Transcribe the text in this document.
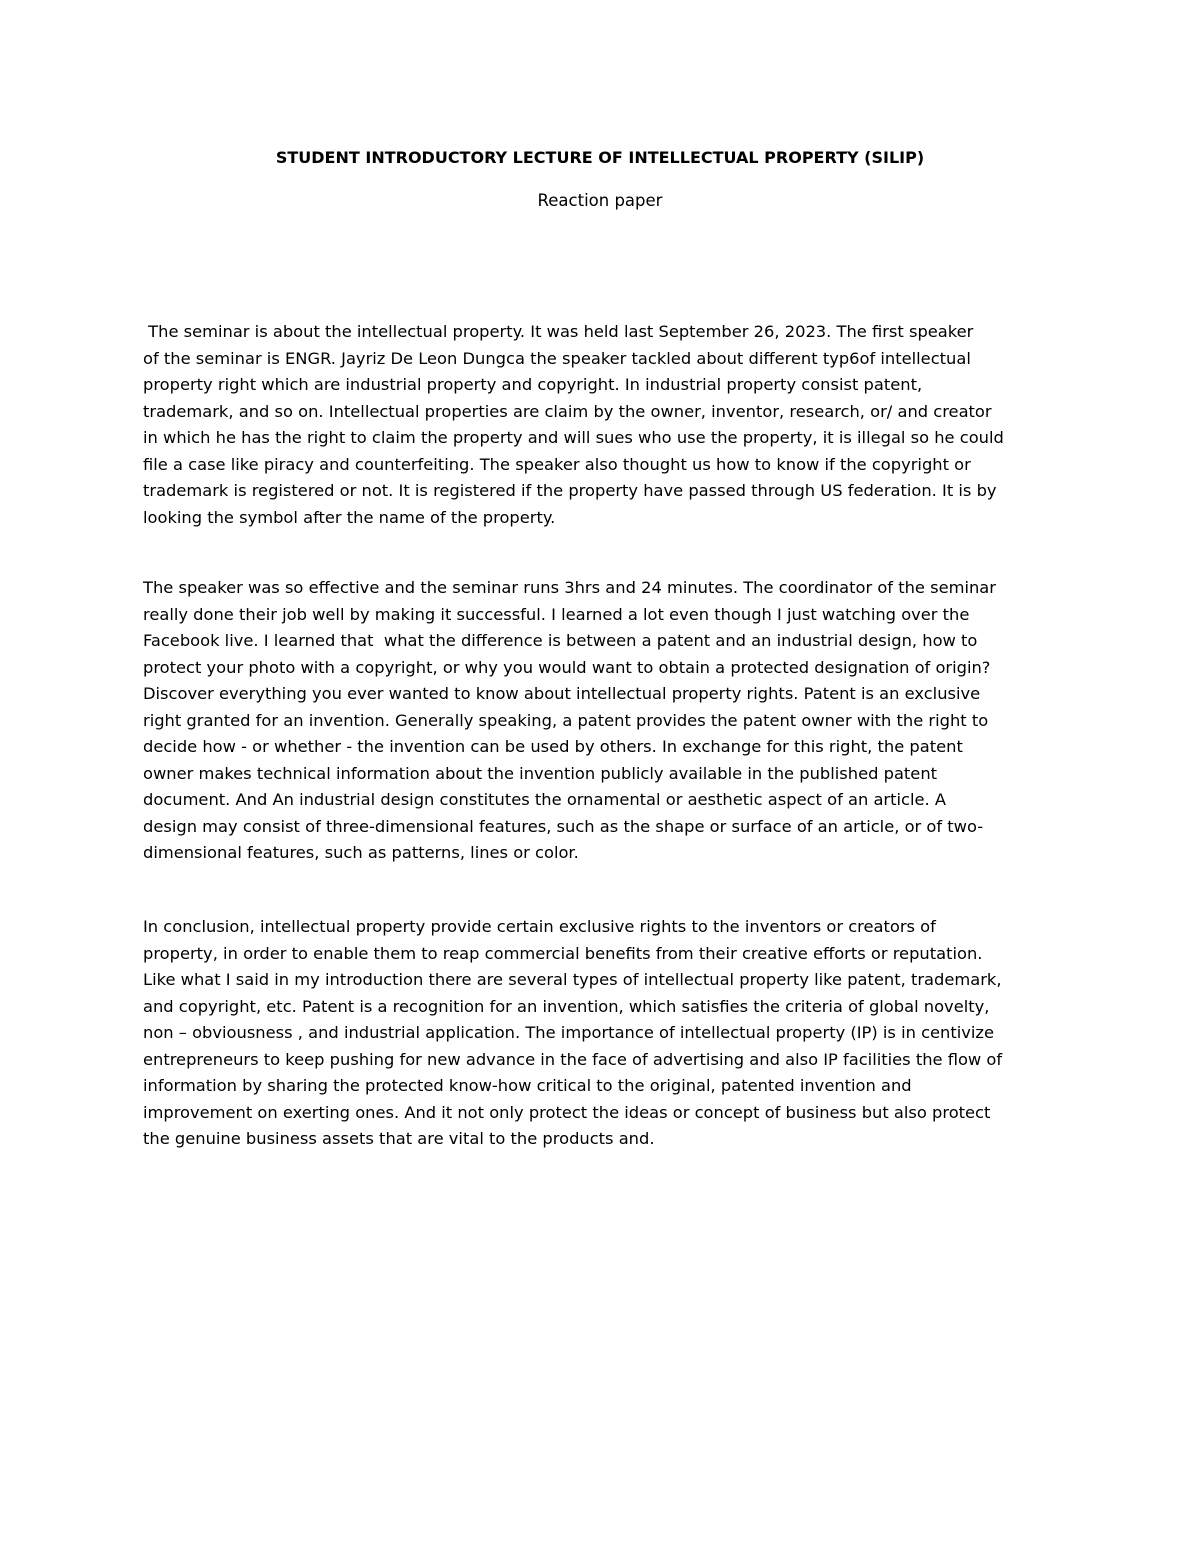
STUDENT INTRODUCTORY LECTURE OF INTELLECTUAL PROPERTY (SILIP)

Reaction paper

The seminar is about the intellectual property. It was held last September 26, 2023. The first speaker
of the seminar is ENGR. Jayriz De Leon Dungca the speaker tackled about different typ6of intellectual
property right which are industrial property and copyright. In industrial property consist patent,
trademark, and so on. Intellectual properties are claim by the owner, inventor, research, or/ and creator
in which he has the right to claim the property and will sues who use the property, it is illegal so he could
file a case like piracy and counterfeiting. The speaker also thought us how to know if the copyright or
trademark is registered or not. It is registered if the property have passed through US federation. It is by
looking the symbol after the name of the property.
The speaker was so effective and the seminar runs 3hrs and 24 minutes. The coordinator of the seminar
really done their job well by making it successful. I learned a lot even though I just watching over the
Facebook live. I learned that  what the difference is between a patent and an industrial design, how to
protect your photo with a copyright, or why you would want to obtain a protected designation of origin?
Discover everything you ever wanted to know about intellectual property rights. Patent is an exclusive
right granted for an invention. Generally speaking, a patent provides the patent owner with the right to
decide how - or whether - the invention can be used by others. In exchange for this right, the patent
owner makes technical information about the invention publicly available in the published patent
document. And An industrial design constitutes the ornamental or aesthetic aspect of an article. A
design may consist of three-dimensional features, such as the shape or surface of an article, or of two-
dimensional features, such as patterns, lines or color.
In conclusion, intellectual property provide certain exclusive rights to the inventors or creators of
property, in order to enable them to reap commercial benefits from their creative efforts or reputation.
Like what I said in my introduction there are several types of intellectual property like patent, trademark,
and copyright, etc. Patent is a recognition for an invention, which satisfies the criteria of global novelty,
non – obviousness , and industrial application. The importance of intellectual property (IP) is in centivize
entrepreneurs to keep pushing for new advance in the face of advertising and also IP facilities the flow of
information by sharing the protected know-how critical to the original, patented invention and
improvement on exerting ones. And it not only protect the ideas or concept of business but also protect
the genuine business assets that are vital to the products and.
